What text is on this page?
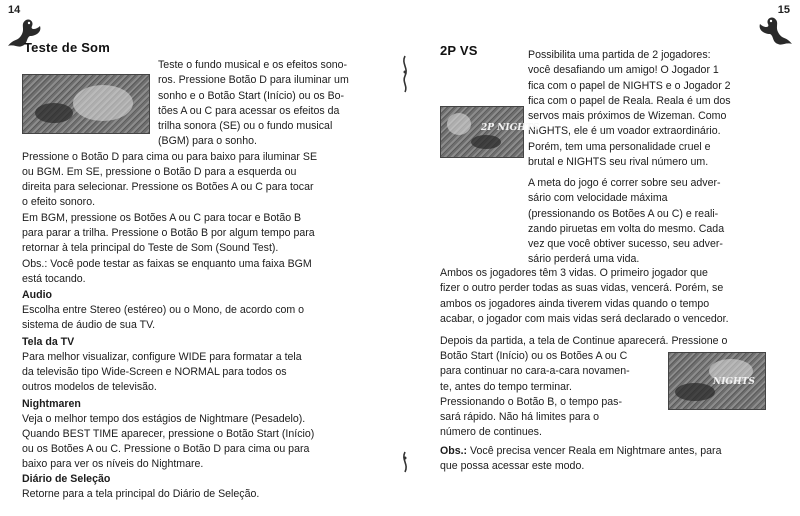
14
Teste de Som
Teste o fundo musical e os efeitos sono-
ros. Pressione Botão D para iluminar um
sonho e o Botão Start (Início) ou os Bo-
tões A ou C para acessar os efeitos da
trilha sonora (SE) ou o fundo musical
(BGM) para o sonho.
Pressione o Botão D para cima ou para baixo para iluminar SE
ou BGM. Em SE, pressione o Botão D para a esquerda ou
direita para selecionar. Pressione os Botões A ou C para tocar
o efeito sonoro.
Em BGM, pressione os Botões A ou C para tocar e Botão B
para parar a trilha. Pressione o Botão B por algum tempo para
retornar à tela principal do Teste de Som (Sound Test).
Obs.: Você pode testar as faixas se enquanto uma faixa BGM
está tocando.
Audio
Escolha entre Stereo (estéreo) ou o Mono, de acordo com o
sistema de áudio de sua TV.
Tela da TV
Para melhor visualizar, configure WIDE para formatar a tela
da televisão tipo Wide-Screen e NORMAL para todos os
outros modelos de televisão.
Nightmaren
Veja o melhor tempo dos estágios de Nightmare (Pesadelo).
Quando BEST TIME aparecer, pressione o Botão Start (Início)
ou os Botões A ou C. Pressione o Botão D para cima ou para
baixo para ver os níveis do Nightmare.
Diário de Seleção
Retorne para a tela principal do Diário de Seleção.
15
2P VS	Possibilita uma partida de 2 jogadores:
você desafiando um amigo! O Jogador 1
fica com o papel de NIGHTS e o Jogador 2
fica com o papel de Reala. Reala é um dos
servos mais próximos de Wizeman. Como
NIGHTS, ele é um voador extraordinário.
Porém, tem uma personalidade cruel e
brutal e NIGHTS seu rival número um.
2P NIGHTS
A meta do jogo é correr sobre seu adver-
sário com velocidade máxima
(pressionando os Botões A ou C) e reali-
zando piruetas em volta do mesmo. Cada
vez que você obtiver sucesso, seu adver-
sário perderá uma vida.
Ambos os jogadores têm 3 vidas. O primeiro jogador que
fizer o outro perder todas as suas vidas, vencerá. Porém, se
ambos os jogadores ainda tiverem vidas quando o tempo
acabar, o jogador com mais vidas será declarado o vencedor.
Depois da partida, a tela de Continue aparecerá. Pressione o
Botão Start (Início) ou os Botões A ou C
para continuar no cara-a-cara novamen-
te, antes do tempo terminar.
Pressionando o Botão B, o tempo pas-
sará rápido. Não há limites para o
número de continues.
NIGHTS
Obs.: Você precisa vencer Reala em Nightmare antes, para
que possa acessar este modo.
